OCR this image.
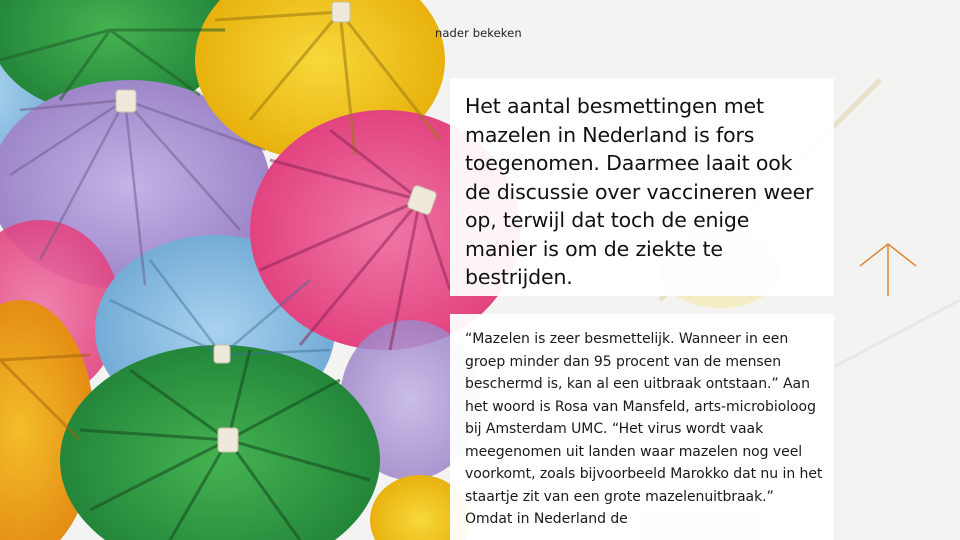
nader bekeken

Het aantal besmettingen met mazelen in Nederland is fors toegenomen. Daarmee laait ook de discussie over vaccineren weer op, terwijl dat toch de enige manier is om de ziekte te bestrijden.

“Mazelen is zeer besmettelijk. Wanneer in een groep minder dan 95 procent van de mensen beschermd is, kan al een uitbraak ontstaan.” Aan het woord is Rosa van Mansfeld, arts-microbioloog bij Amsterdam UMC. “Het virus wordt vaak meegenomen uit landen waar mazelen nog veel voorkomt, zoals bijvoorbeeld Marokko dat nu in het staartje zit van een grote mazelenuitbraak.” Omdat in Nederland de
